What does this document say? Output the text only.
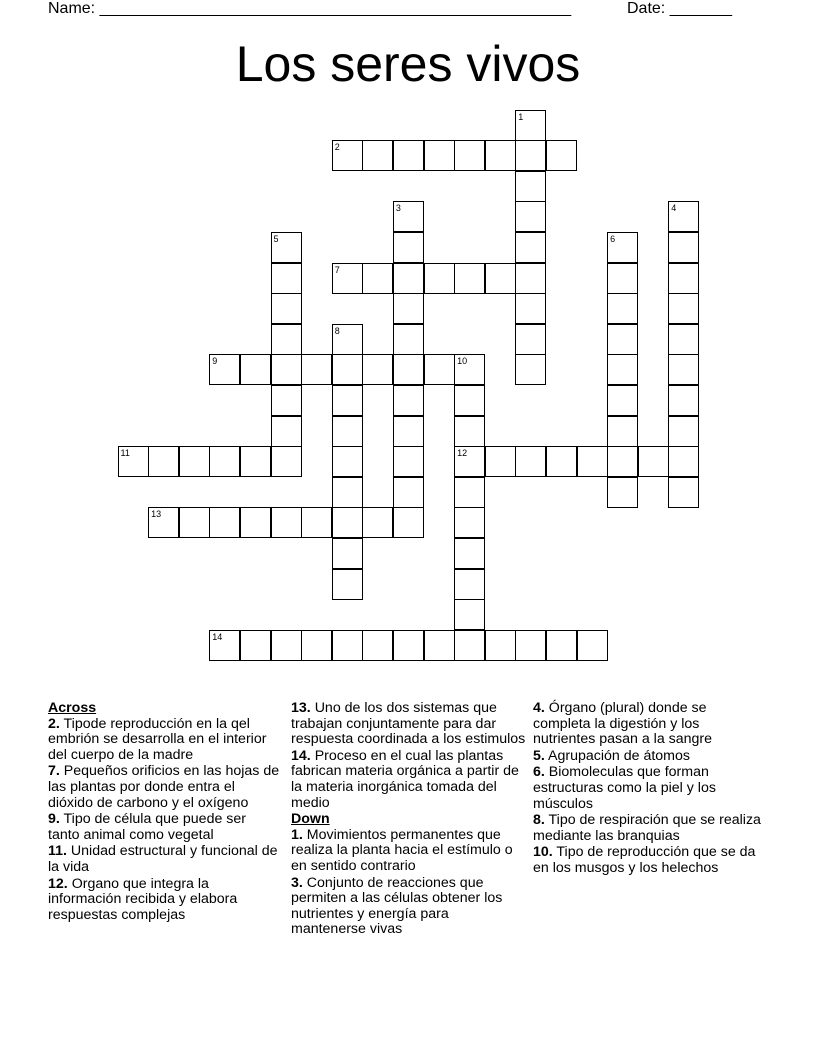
Name: _____________________________________________________	Date: _______
Los seres vivos
1
2
3	4
5	6
7
8
9	10
12
11
13
14
Across
2. Tipode reproducción en la qel embrión se desarrolla en el interior del cuerpo de la madre
7. Pequeños orificios en las hojas de las plantas por donde entra el dióxido de carbono y el oxígeno
9. Tipo de célula que puede ser tanto animal como vegetal
11. Unidad estructural y funcional de la vida
12. Organo que integra la información recibida y elabora respuestas complejas
13. Uno de los dos sistemas que trabajan conjuntamente para dar respuesta coordinada a los estimulos
14. Proceso en el cual las plantas fabrican materia orgánica a partir de la materia inorgánica tomada del medio
Down
1. Movimientos permanentes que realiza la planta hacia el estímulo o en sentido contrario
3. Conjunto de reacciones que permiten a las células obtener los nutrientes y energía para mantenerse vivas
4. Órgano (plural) donde se completa la digestión y los nutrientes pasan a la sangre
5. Agrupación de átomos
6. Biomoleculas que forman estructuras como la piel y los músculos
8. Tipo de respiración que se realiza mediante las branquias
10. Tipo de reproducción que se da en los musgos y los helechos
